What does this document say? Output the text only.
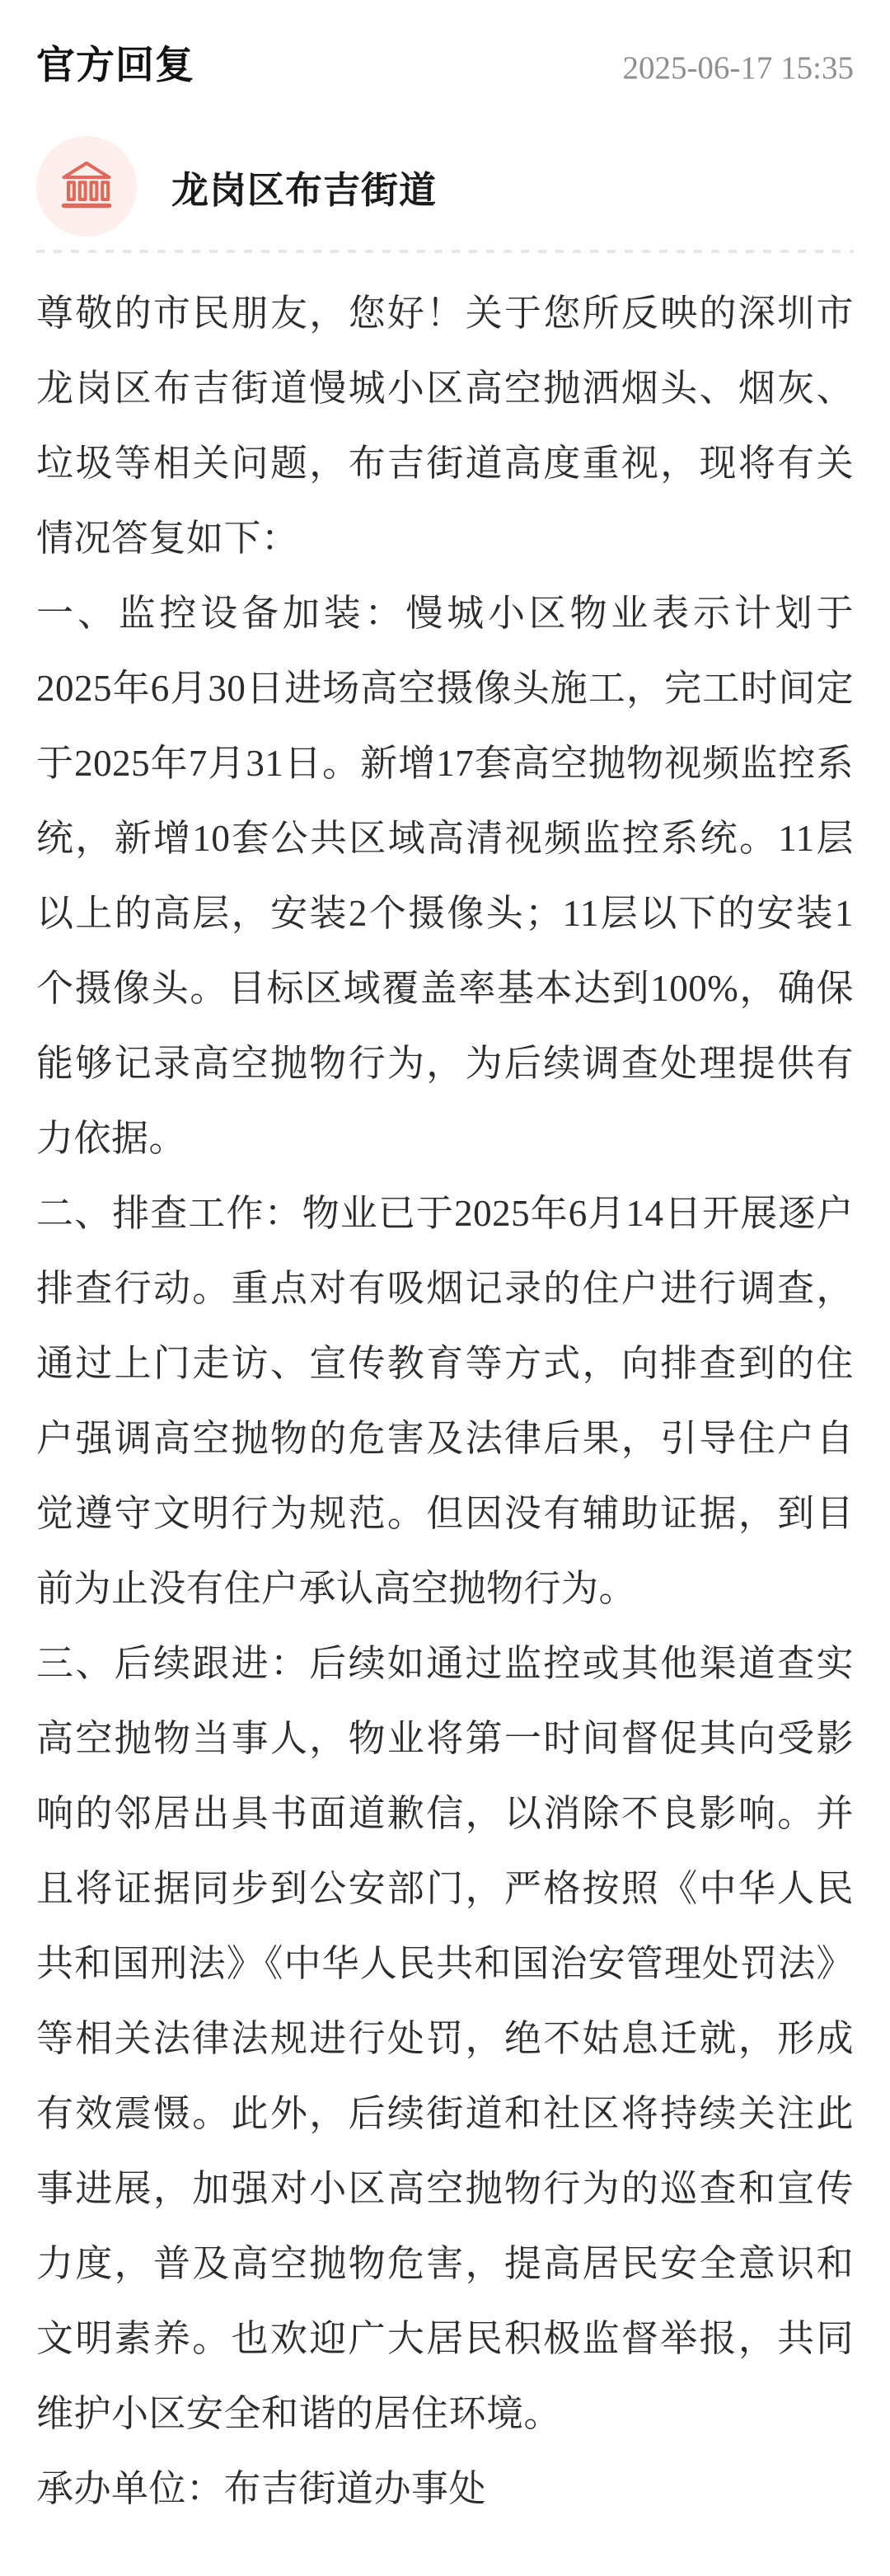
官方回复	2025-06-17 15:35
龙岗区布吉街道

尊敬的市民朋友，您好！关于您所反映的深圳市龙岗区布吉街道慢城小区高空抛洒烟头、烟灰、垃圾等相关问题，布吉街道高度重视，现将有关情况答复如下：

一、监控设备加装：慢城小区物业表示计划于2025年6月30日进场高空摄像头施工，完工时间定于2025年7月31日。新增17套高空抛物视频监控系统，新增10套公共区域高清视频监控系统。11层以上的高层，安装2个摄像头；11层以下的安装1个摄像头。目标区域覆盖率基本达到100%，确保能够记录高空抛物行为，为后续调查处理提供有力依据。

二、排查工作：物业已于2025年6月14日开展逐户排查行动。重点对有吸烟记录的住户进行调查，通过上门走访、宣传教育等方式，向排查到的住户强调高空抛物的危害及法律后果，引导住户自觉遵守文明行为规范。但因没有辅助证据，到目前为止没有住户承认高空抛物行为。

三、后续跟进：后续如通过监控或其他渠道查实高空抛物当事人，物业将第一时间督促其向受影响的邻居出具书面道歉信，以消除不良影响。并且将证据同步到公安部门，严格按照《中华人民共和国刑法》《中华人民共和国治安管理处罚法》等相关法律法规进行处罚，绝不姑息迁就，形成有效震慑。此外，后续街道和社区将持续关注此事进展，加强对小区高空抛物行为的巡查和宣传力度，普及高空抛物危害，提高居民安全意识和文明素养。也欢迎广大居民积极监督举报，共同维护小区安全和谐的居住环境。

承办单位：布吉街道办事处
